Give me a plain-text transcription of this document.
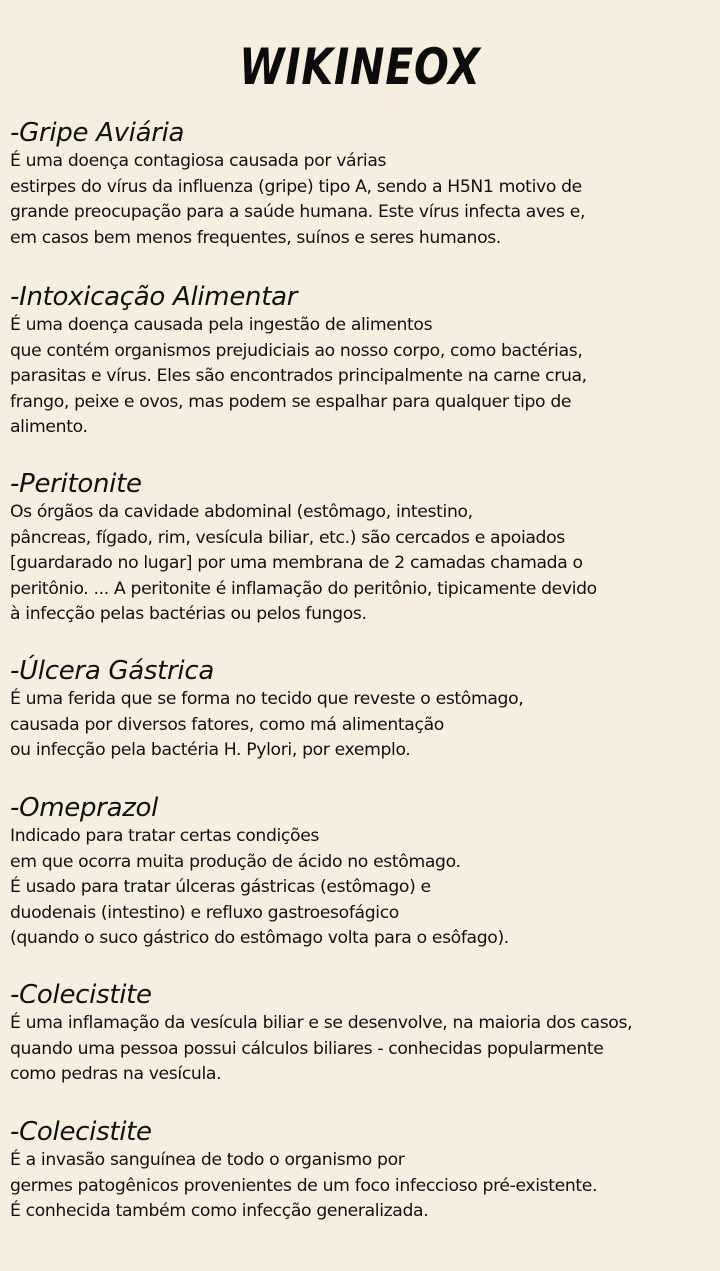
WIKINEOX
-Gripe Aviária

É uma doença contagiosa causada por várias

estirpes do vírus da influenza (gripe) tipo A, sendo a H5N1 motivo de

grande preocupação para a saúde humana. Este vírus infecta aves e,

em casos bem menos frequentes, suínos e seres humanos.

-Intoxicação Alimentar

É uma doença causada pela ingestão de alimentos

que contém organismos prejudiciais ao nosso corpo, como bactérias,

parasitas e vírus. Eles são encontrados principalmente na carne crua,

frango, peixe e ovos, mas podem se espalhar para qualquer tipo de

alimento.

-Peritonite

Os órgãos da cavidade abdominal (estômago, intestino,

pâncreas, fígado, rim, vesícula biliar, etc.) são cercados e apoiados

[guardarado no lugar] por uma membrana de 2 camadas chamada o

peritônio. ... A peritonite é inflamação do peritônio, tipicamente devido

à infecção pelas bactérias ou pelos fungos.

-Úlcera Gástrica

É uma ferida que se forma no tecido que reveste o estômago,

causada por diversos fatores, como má alimentação

ou infecção pela bactéria H. Pylori, por exemplo.

-Omeprazol

Indicado para tratar certas condições

em que ocorra muita produção de ácido no estômago.

É usado para tratar úlceras gástricas (estômago) e

duodenais (intestino) e refluxo gastroesofágico

(quando o suco gástrico do estômago volta para o esôfago).

-Colecistite

É uma inflamação da vesícula biliar e se desenvolve, na maioria dos casos,

quando uma pessoa possui cálculos biliares - conhecidas popularmente

como pedras na vesícula.

-Colecistite

É a invasão sanguínea de todo o organismo por

germes patogênicos provenientes de um foco infeccioso pré-existente.

É conhecida também como infecção generalizada.
